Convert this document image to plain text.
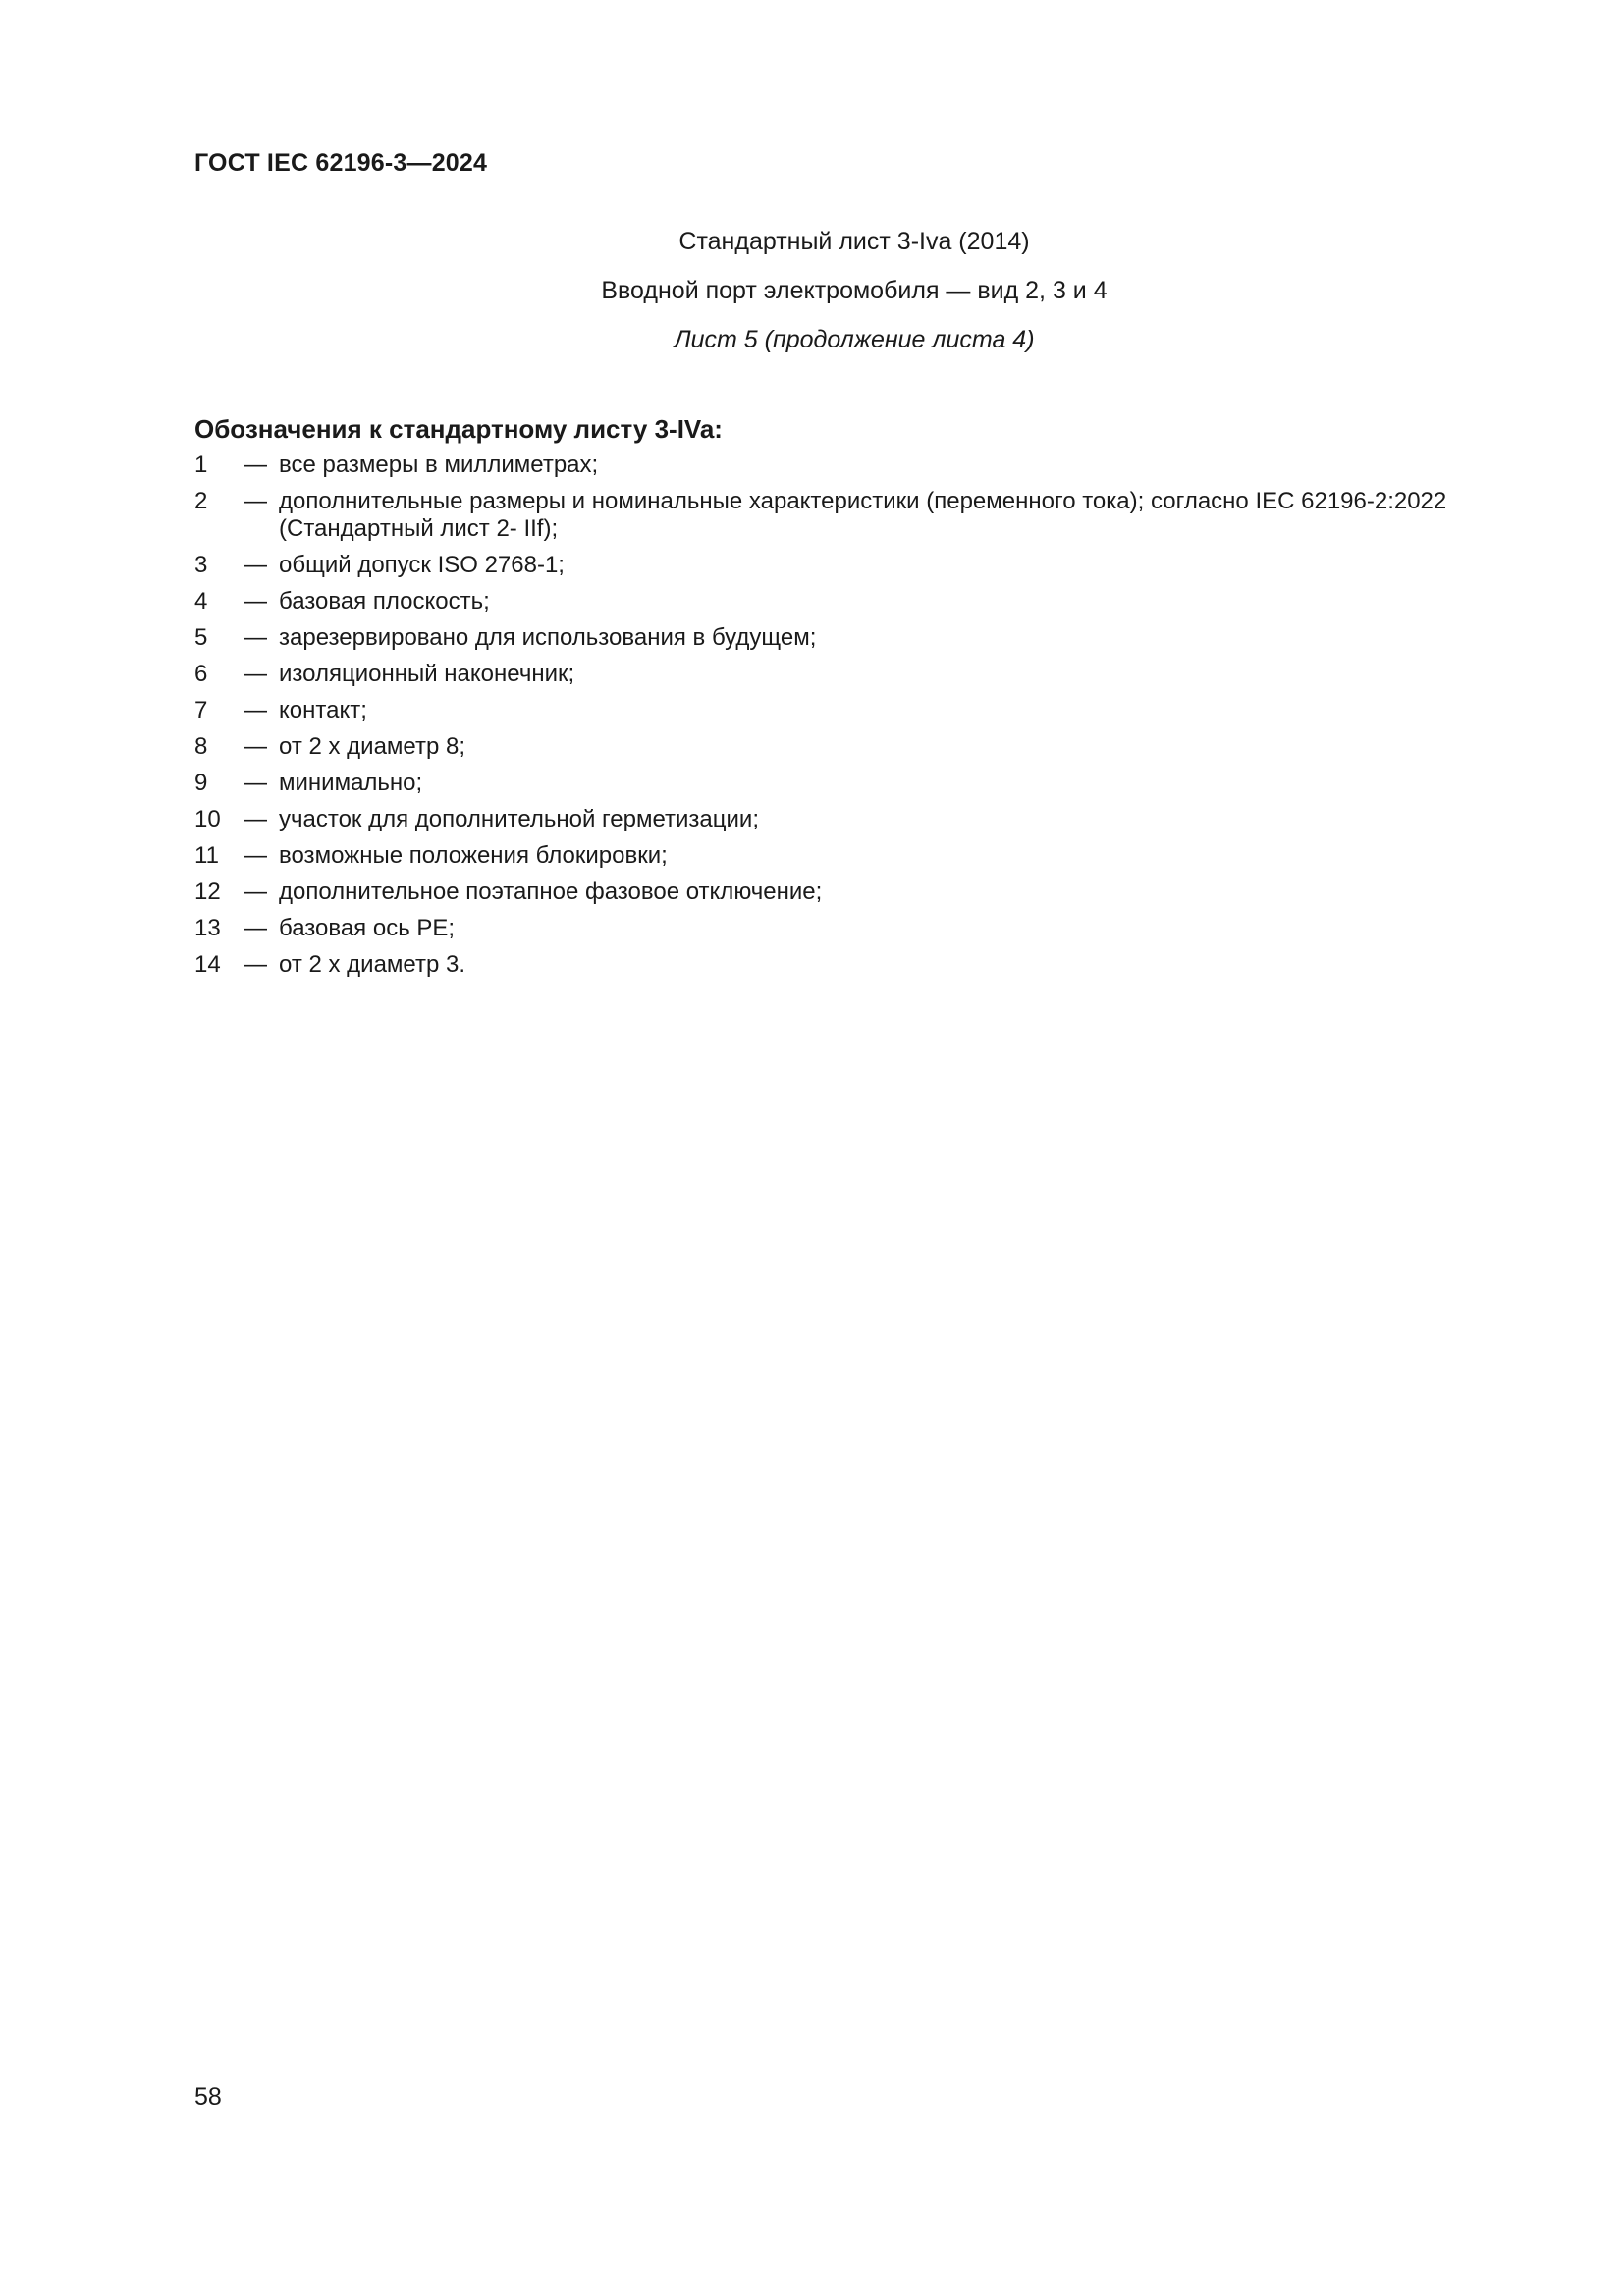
ГОСТ IEC 62196-3—2024
Стандартный лист 3-Iva (2014)
Вводной порт электромобиля — вид 2, 3 и 4
Лист 5 (продолжение листа 4)
Обозначения к стандартному листу 3-IVa:
1	— все размеры в миллиметрах;
2	— дополнительные размеры и номинальные характеристики (переменного тока); согласно IEC 62196-2:2022 (Стандартный лист 2- IIf);
3	— общий допуск ISO 2768-1;
4	— базовая плоскость;
5	— зарезервировано для использования в будущем;
6	— изоляционный наконечник;
7	— контакт;
8	— от 2 х диаметр 8;
9	— минимально;
10 — участок для дополнительной герметизации;
11	— возможные положения блокировки;
12 — дополнительное поэтапное фазовое отключение;
13 — базовая ось PE;
14 — от 2 х диаметр 3.
58
